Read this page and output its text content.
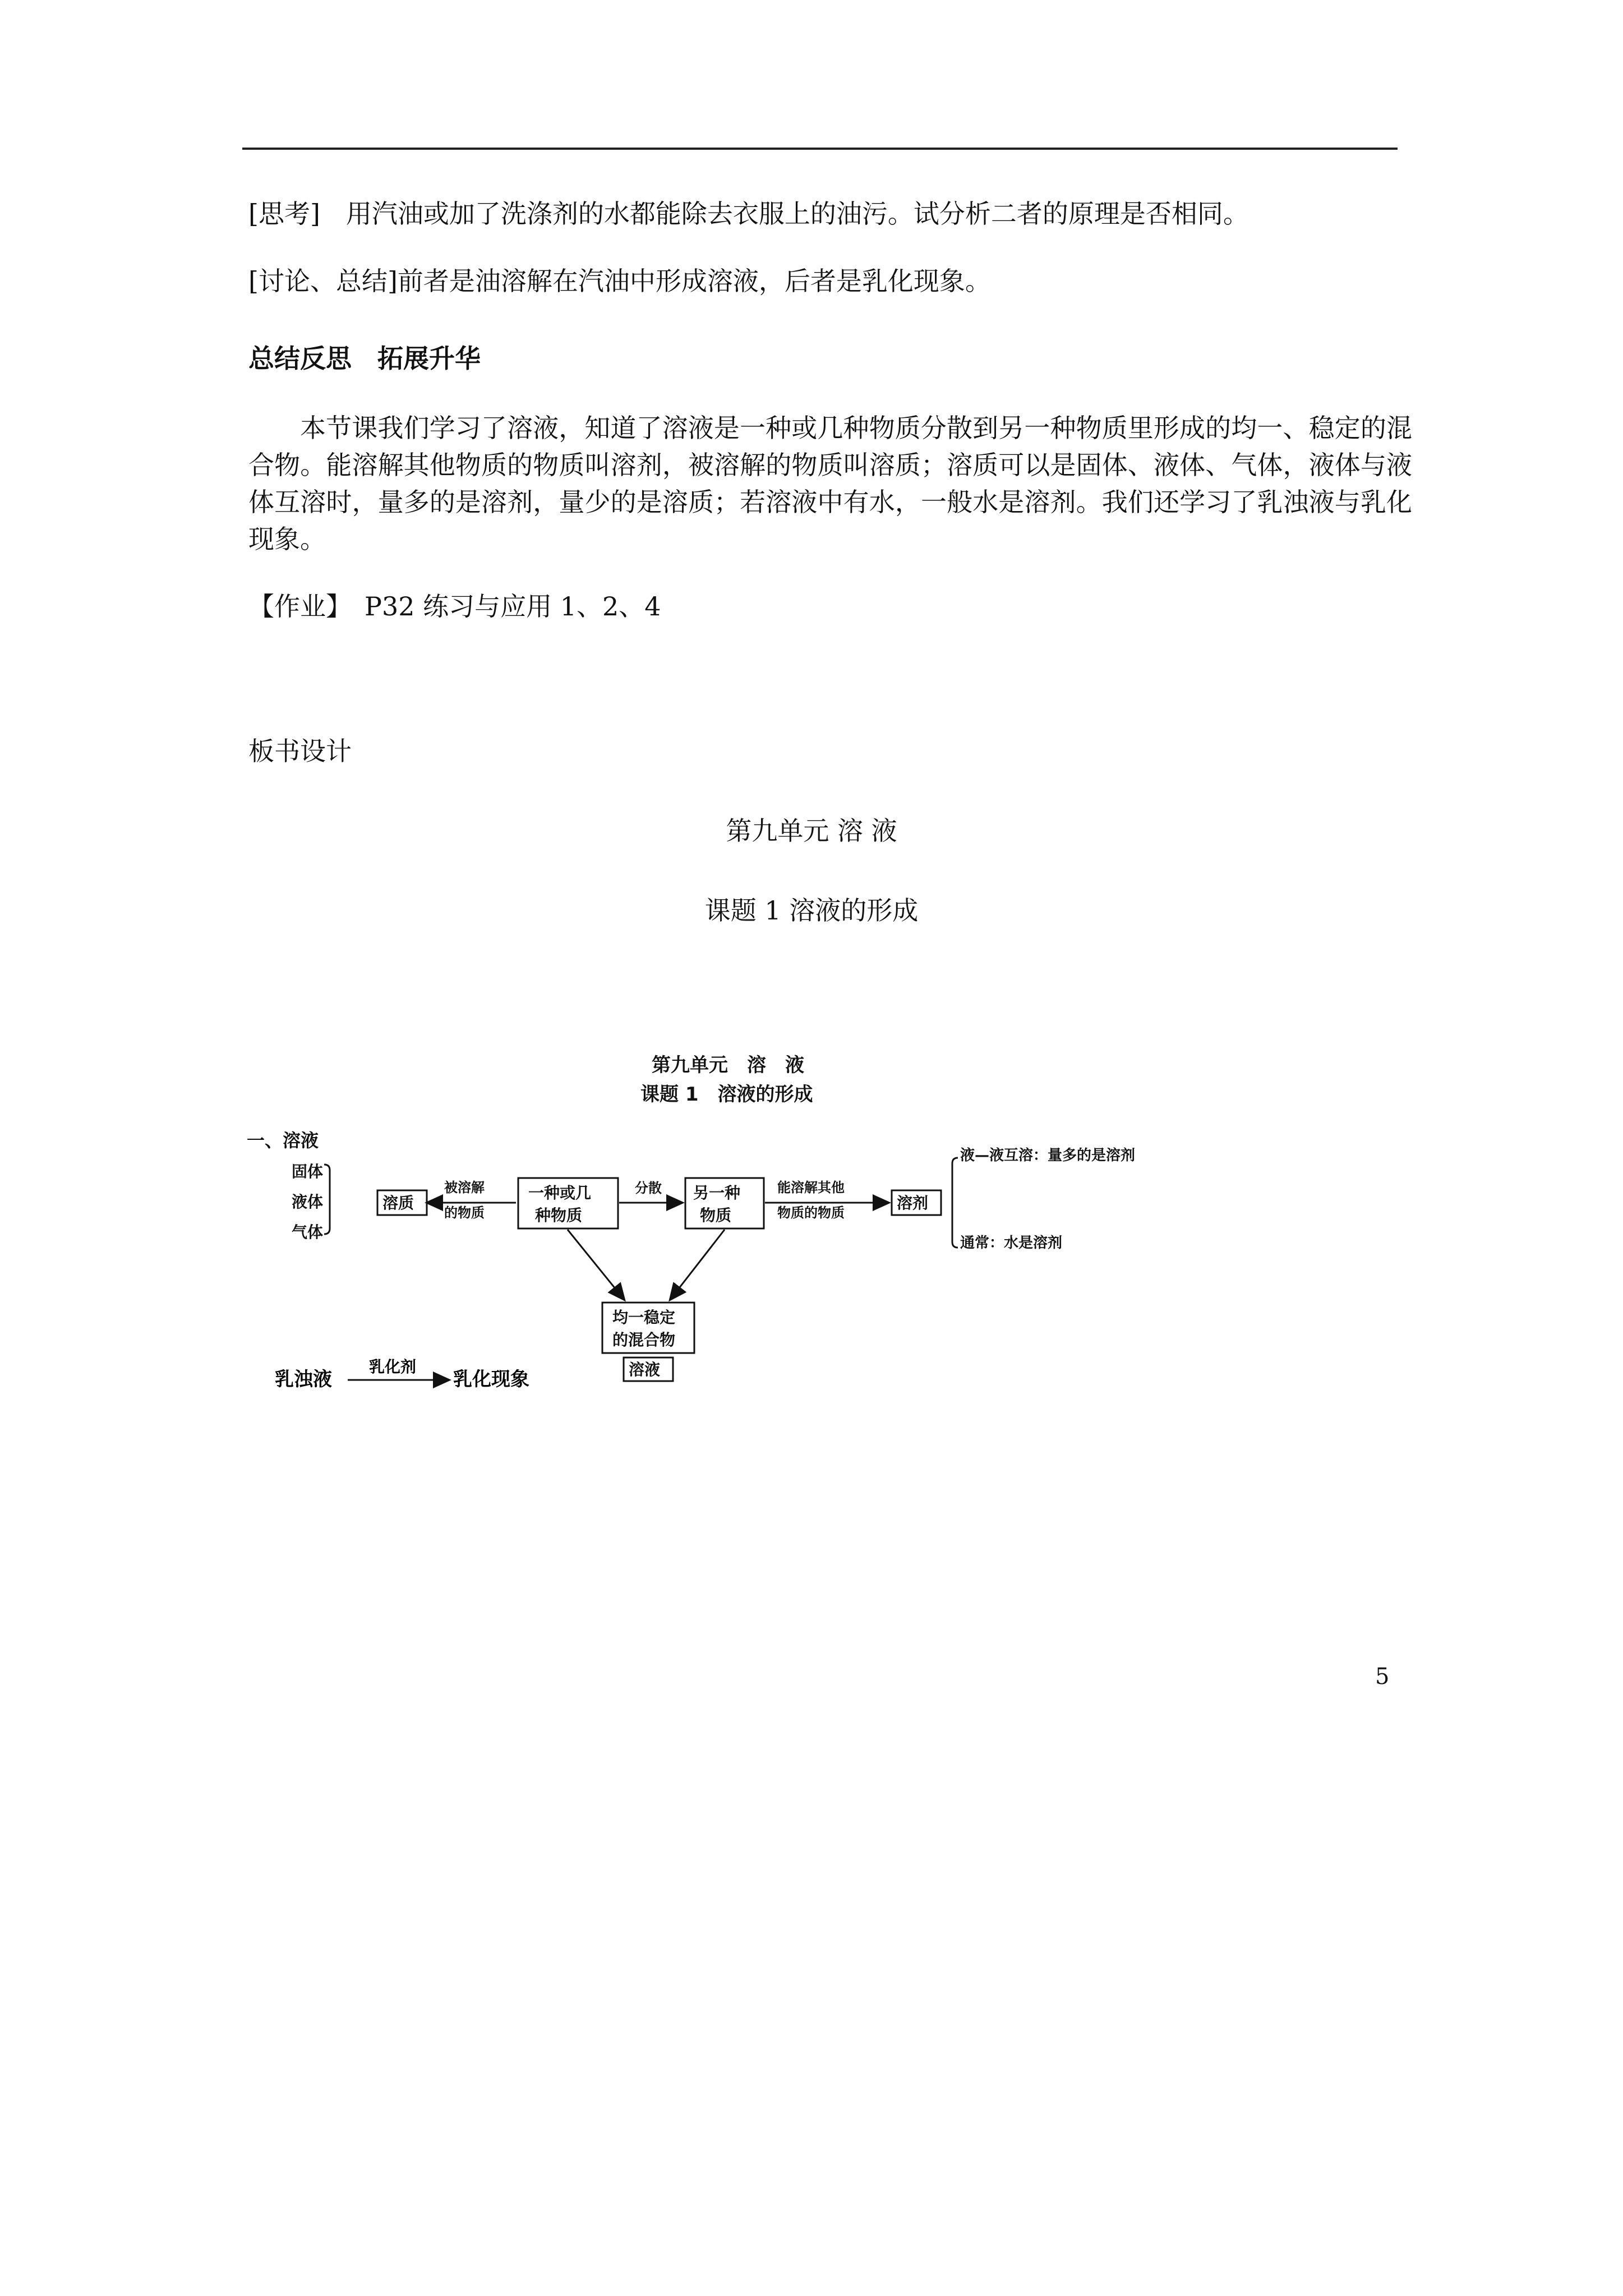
[思考]　用汽油或加了洗涤剂的水都能除去衣服上的油污。试分析二者的原理是否相同。
[讨论、总结]前者是油溶解在汽油中形成溶液，后者是乳化现象。
总结反思　拓展升华
本节课我们学习了溶液，知道了溶液是一种或几种物质分散到另一种物质里形成的均一、稳定的混合物。能溶解其他物质的物质叫溶剂，被溶解的物质叫溶质；溶质可以是固体、液体、气体，液体与液体互溶时，量多的是溶剂，量少的是溶质；若溶液中有水，一般水是溶剂。我们还学习了乳浊液与乳化现象。
【作业】　P32 练习与应用 1、2、4
板书设计
第九单元 溶 液
课题 1 溶液的形成
第九单元　溶　液
课题 1　溶液的形成
一、溶液
固体
液体
气体
溶质
被溶解
的物质
一种或几
种物质
分散 另一种
物质
能溶解其他
物质的物质
溶剂
液—液互溶：量多的是溶剂
通常：水是溶剂
均一稳定
的混合物
溶液
乳浊液
乳化剂
乳化现象
5
